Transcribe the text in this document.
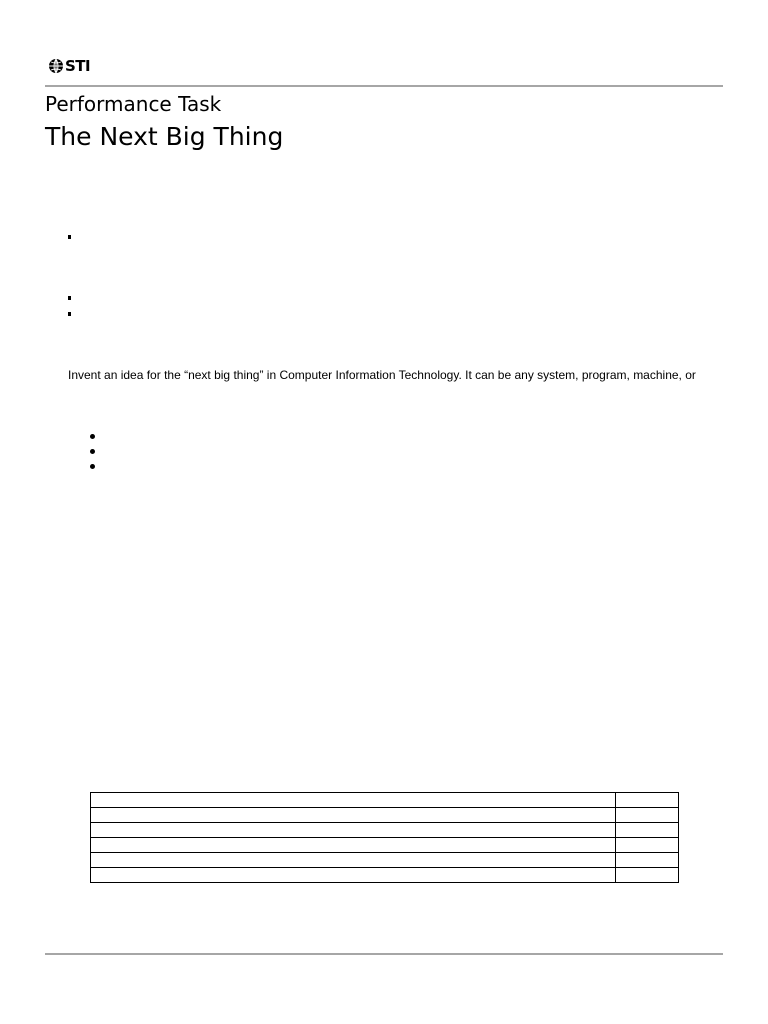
STI
Performance Task
The Next Big Thing
Invent an idea for the “next big thing” in Computer Information Technology. It can be any system, program, machine, or
